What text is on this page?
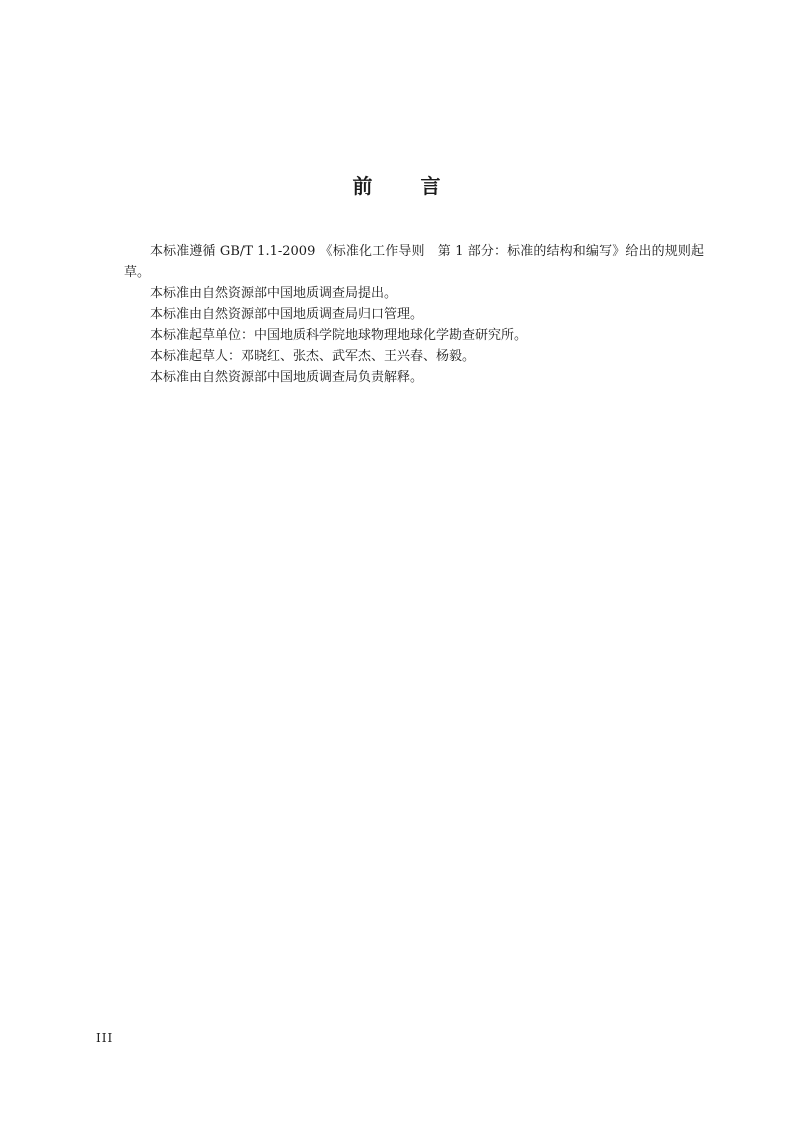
前 言

本标准遵循 GB/T 1.1-2009 《标准化工作导则　第 1 部分：标准的结构和编写》给出的规则起草。

本标准由自然资源部中国地质调查局提出。

本标准由自然资源部中国地质调查局归口管理。

本标准起草单位：中国地质科学院地球物理地球化学勘查研究所。

本标准起草人：邓晓红、张杰、武军杰、王兴春、杨毅。

本标准由自然资源部中国地质调查局负责解释。

III
